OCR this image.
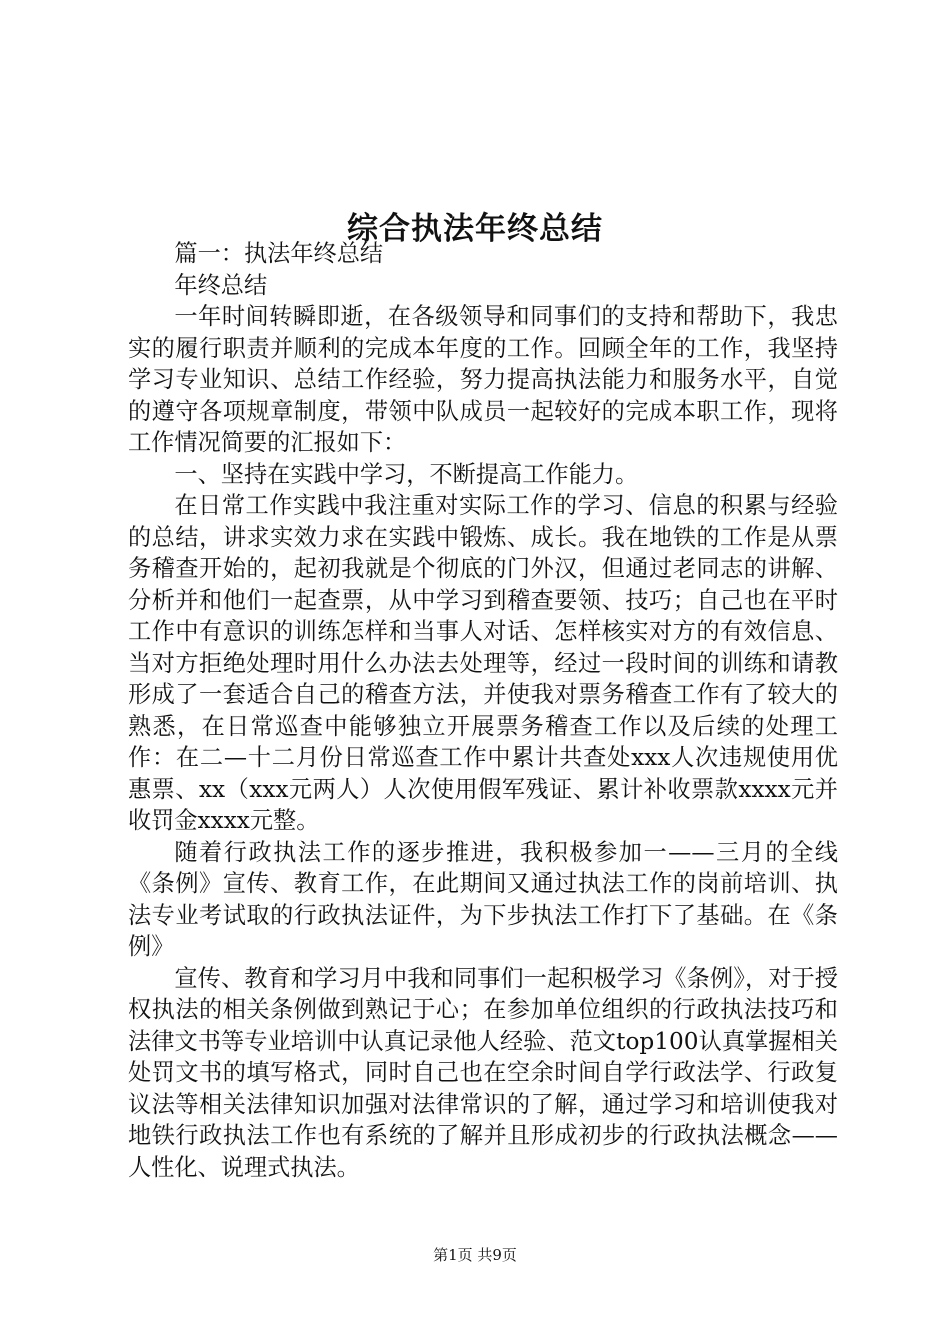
综合执法年终总结

篇一：执法年终总结

年终总结

一年时间转瞬即逝，在各级领导和同事们的支持和帮助下，我忠实的履行职责并顺利的完成本年度的工作。回顾全年的工作，我坚持学习专业知识、总结工作经验，努力提高执法能力和服务水平，自觉的遵守各项规章制度，带领中队成员一起较好的完成本职工作，现将工作情况简要的汇报如下：

一、坚持在实践中学习，不断提高工作能力。

在日常工作实践中我注重对实际工作的学习、信息的积累与经验的总结，讲求实效力求在实践中锻炼、成长。我在地铁的工作是从票务稽查开始的，起初我就是个彻底的门外汉，但通过老同志的讲解、分析并和他们一起查票，从中学习到稽查要领、技巧；自己也在平时工作中有意识的训练怎样和当事人对话、怎样核实对方的有效信息、当对方拒绝处理时用什么办法去处理等，经过一段时间的训练和请教形成了一套适合自己的稽查方法，并使我对票务稽查工作有了较大的熟悉，在日常巡查中能够独立开展票务稽查工作以及后续的处理工作：在二—十二月份日常巡查工作中累计共查处xxx人次违规使用优惠票、xx（xxx元两人）人次使用假军残证、累计补收票款xxxx元并收罚金xxxx元整。

随着行政执法工作的逐步推进，我积极参加一——三月的全线《条例》宣传、教育工作，在此期间又通过执法工作的岗前培训、执法专业考试取的行政执法证件，为下步执法工作打下了基础。在《条例》

宣传、教育和学习月中我和同事们一起积极学习《条例》，对于授权执法的相关条例做到熟记于心；在参加单位组织的行政执法技巧和法律文书等专业培训中认真记录他人经验、范文top100认真掌握相关处罚文书的填写格式，同时自己也在空余时间自学行政法学、行政复议法等相关法律知识加强对法律常识的了解，通过学习和培训使我对地铁行政执法工作也有系统的了解并且形成初步的行政执法概念——人性化、说理式执法。

第1页 共9页
